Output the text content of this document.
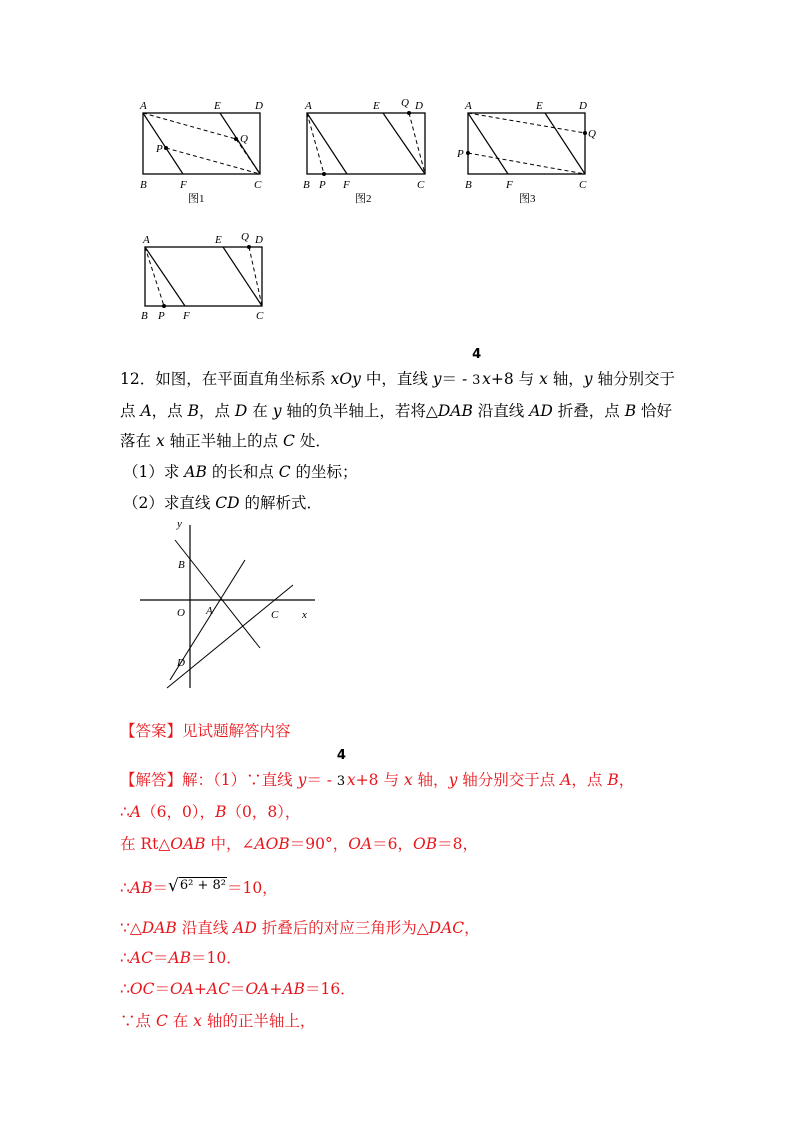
A	E	D
Q
P
B	F	C
图1
A	E Q D
B P F	C
图2
A	E	D
Q
P
B	F	C
图3
A	E Q D
B P F	C
12．如图，在平面直角坐标系 xOy 中，直线 y＝ -
4
3 x+8 与 x 轴，y 轴分别交于
点 A，点 B，点 D 在 y 轴的负半轴上，若将△DAB 沿直线 AD 折叠，点 B 恰好
落在 x 轴正半轴上的点 C 处．
（1）求 AB 的长和点 C 的坐标；
（2）求直线 CD 的解析式．
y
B
O A	C x
D
【答案】见试题解答内容
【解答】解：（1）∵直线 y＝ -
4
3 x+8 与 x 轴，y 轴分别交于点 A，点 B，
∴A（6，0），B（0，8），
在 Rt△OAB 中，∠AOB＝90°，OA＝6，OB＝8，
∴AB＝√$^{6^2 + 8^2}$＝10，
∵△DAB 沿直线 AD 折叠后的对应三角形为△DAC，
∴AC＝AB＝10．
∴OC＝OA+AC＝OA+AB＝16．
∵点 C 在 x 轴的正半轴上，
